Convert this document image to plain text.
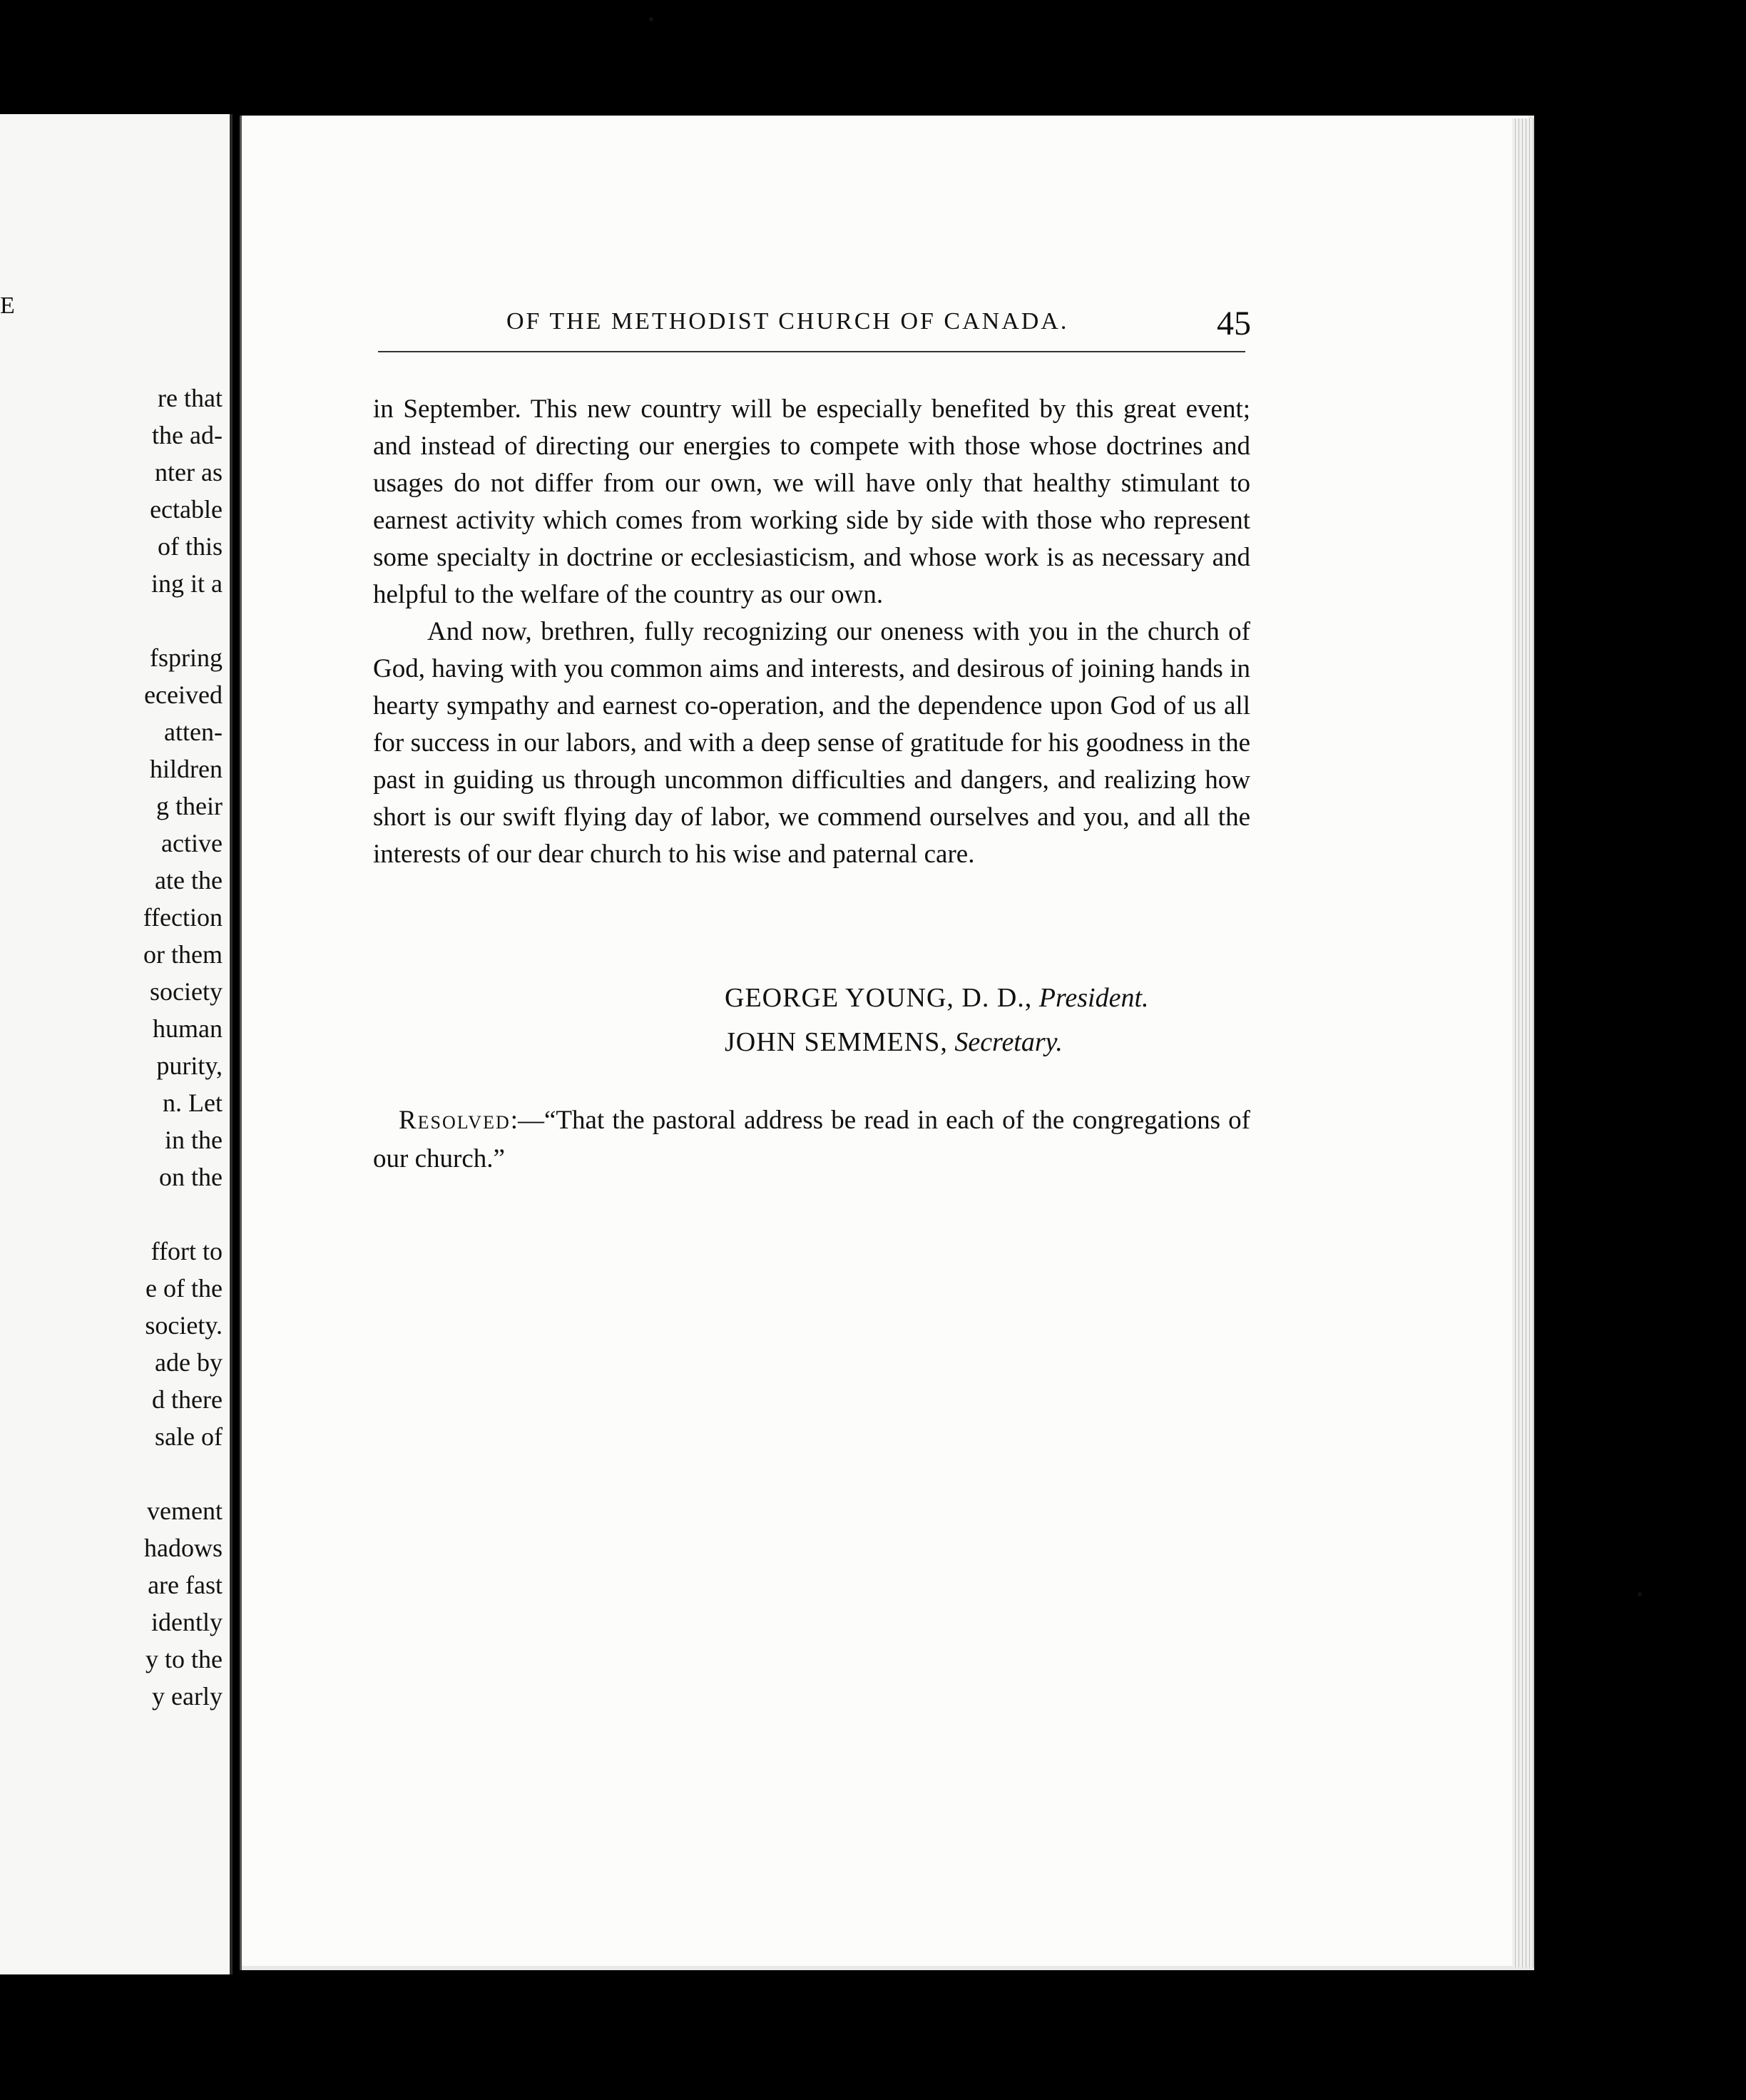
E
re that
the ad-
nter as
ectable
of this
ing it a
fspring
eceived
atten-
hildren
g their
active
ate the
ffection
or them
society
human
purity,
n. Let
in the
on the
ffort to
e of the
society.
ade by
d there
sale of
vement
hadows
are fast
idently
y to the
y early
OF THE METHODIST CHURCH OF CANADA.	45

in September. This new country will be especially benefited by this great event; and instead of directing our energies to compete with those whose doctrines and usages do not differ from our own, we will have only that healthy stimulant to earnest activity which comes from working side by side with those who represent some specialty in doctrine or ecclesiasticism, and whose work is as necessary and helpful to the welfare of the country as our own.

And now, brethren, fully recognizing our oneness with you in the church of God, having with you common aims and interests, and desirous of joining hands in hearty sympathy and earnest co-operation, and the dependence upon God of us all for success in our labors, and with a deep sense of gratitude for his goodness in the past in guiding us through uncommon difficulties and dangers, and realizing how short is our swift flying day of labor, we commend ourselves and you, and all the interests of our dear church to his wise and paternal care.

GEORGE YOUNG, D. D., President.
JOHN SEMMENS, Secretary.
Resolved:—“That the pastoral address be read in each of the congregations of our church.”
